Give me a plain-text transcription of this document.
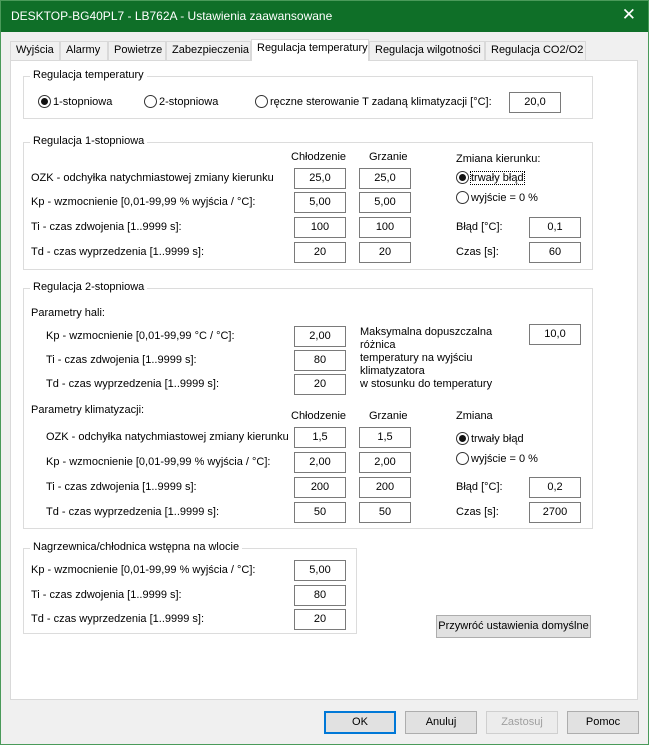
DESKTOP-BG40PL7 - LB762A - Ustawienia zaawansowane	✕
Wyjścia	Alarmy	Powietrze Zabezpieczenia Regulacja temperatury Regulacja wilgotności Regulacja CO2/O2
Regulacja temperatury
1-stopniowa	2-stopniowa	ręczne sterowanie T zadaną klimatyzacji [°C]:	20,0
Regulacja 1-stopniowa
Chłodzenie Grzanie
OZK - odchyłka natychmiastowej zmiany kierunku	25,0	25,0
Kp - wzmocnienie [0,01-99,99 % wyjścia / °C]:	5,00	5,00
Ti - czas zdwojenia [1..9999 s]:	100	100
Td - czas wyprzedzenia [1..9999 s]:	20	20
Zmiana kierunku:
trwały błąd
wyjście = 0 %
Błąd [°C]:	0,1
Czas [s]:	60
Regulacja 2-stopniowa
Parametry hali:
Kp - wzmocnienie [0,01-99,99 °C / °C]:	2,00
Ti - czas zdwojenia [1..9999 s]:	80
Td - czas wyprzedzenia [1..9999 s]:	20
Maksymalna dopuszczalna
różnica
temperatury na wyjściu
klimatyzatora
w stosunku do temperatury
10,0
Parametry klimatyzacji:	Chłodzenie Grzanie
OZK - odchyłka natychmiastowej zmiany kierunku	1,5	1,5
Kp - wzmocnienie [0,01-99,99 % wyjścia / °C]:	2,00	2,00
Ti - czas zdwojenia [1..9999 s]:	200	200
Td - czas wyprzedzenia [1..9999 s]:	50	50
Zmiana
trwały błąd
wyjście = 0 %
Błąd [°C]:	0,2
Czas [s]:	2700
Nagrzewnica/chłodnica wstępna na wlocie
Kp - wzmocnienie [0,01-99,99 % wyjścia / °C]:	5,00
Ti - czas zdwojenia [1..9999 s]:	80
Td - czas wyprzedzenia [1..9999 s]:	20
Przywróć ustawienia domyślne
OK	Anuluj	Zastosuj	Pomoc
